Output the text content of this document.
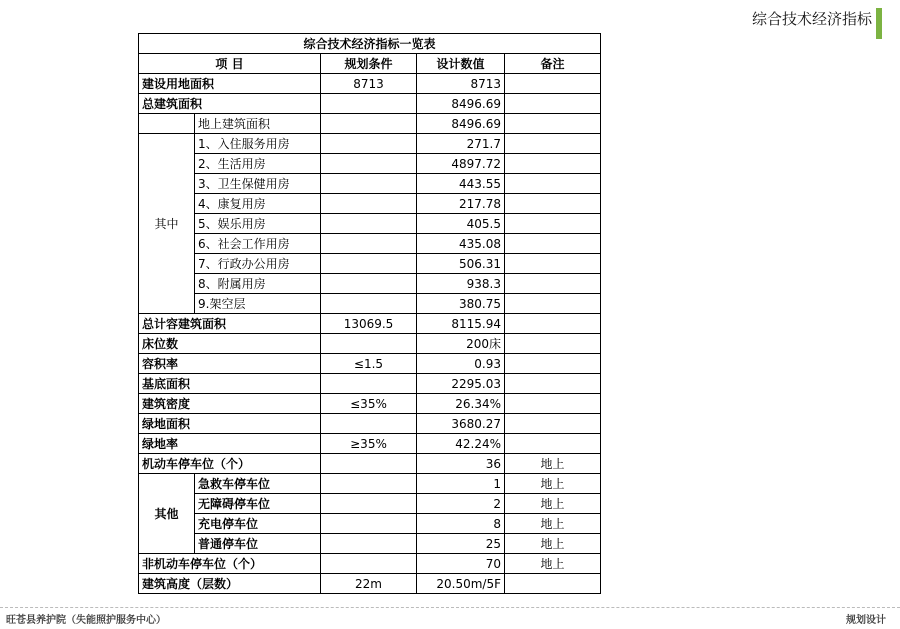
综合技术经济指标
综合技术经济指标一览表				
项 目		规划条件	设计数值	备注
建设用地面积		8713	8713	
总建筑面积			8496.69	
	地上建筑面积		8496.69	
其中	1、入住服务用房		271.7	
	2、生活用房		4897.72	
	3、卫生保健用房		443.55	
	4、康复用房		217.78	
	5、娱乐用房		405.5	
	6、社会工作用房		435.08	
	7、行政办公用房		506.31	
	8、附属用房		938.3	
	9.架空层		380.75	
总计容建筑面积		13069.5	8115.94	
床位数			200床	
容积率		≤1.5	0.93	
基底面积			2295.03	
建筑密度		≤35%	26.34%	
绿地面积			3680.27	
绿地率		≥35%	42.24%	
机动车停车位（个）			36	地上
其他	急救车停车位		1	地上
	无障碍停车位		2	地上
	充电停车位		8	地上
	普通停车位		25	地上
非机动车停车位（个）			70	地上
建筑高度（层数）		22m	20.50m/5F	
旺苍县养护院（失能照护服务中心）	规划设计
